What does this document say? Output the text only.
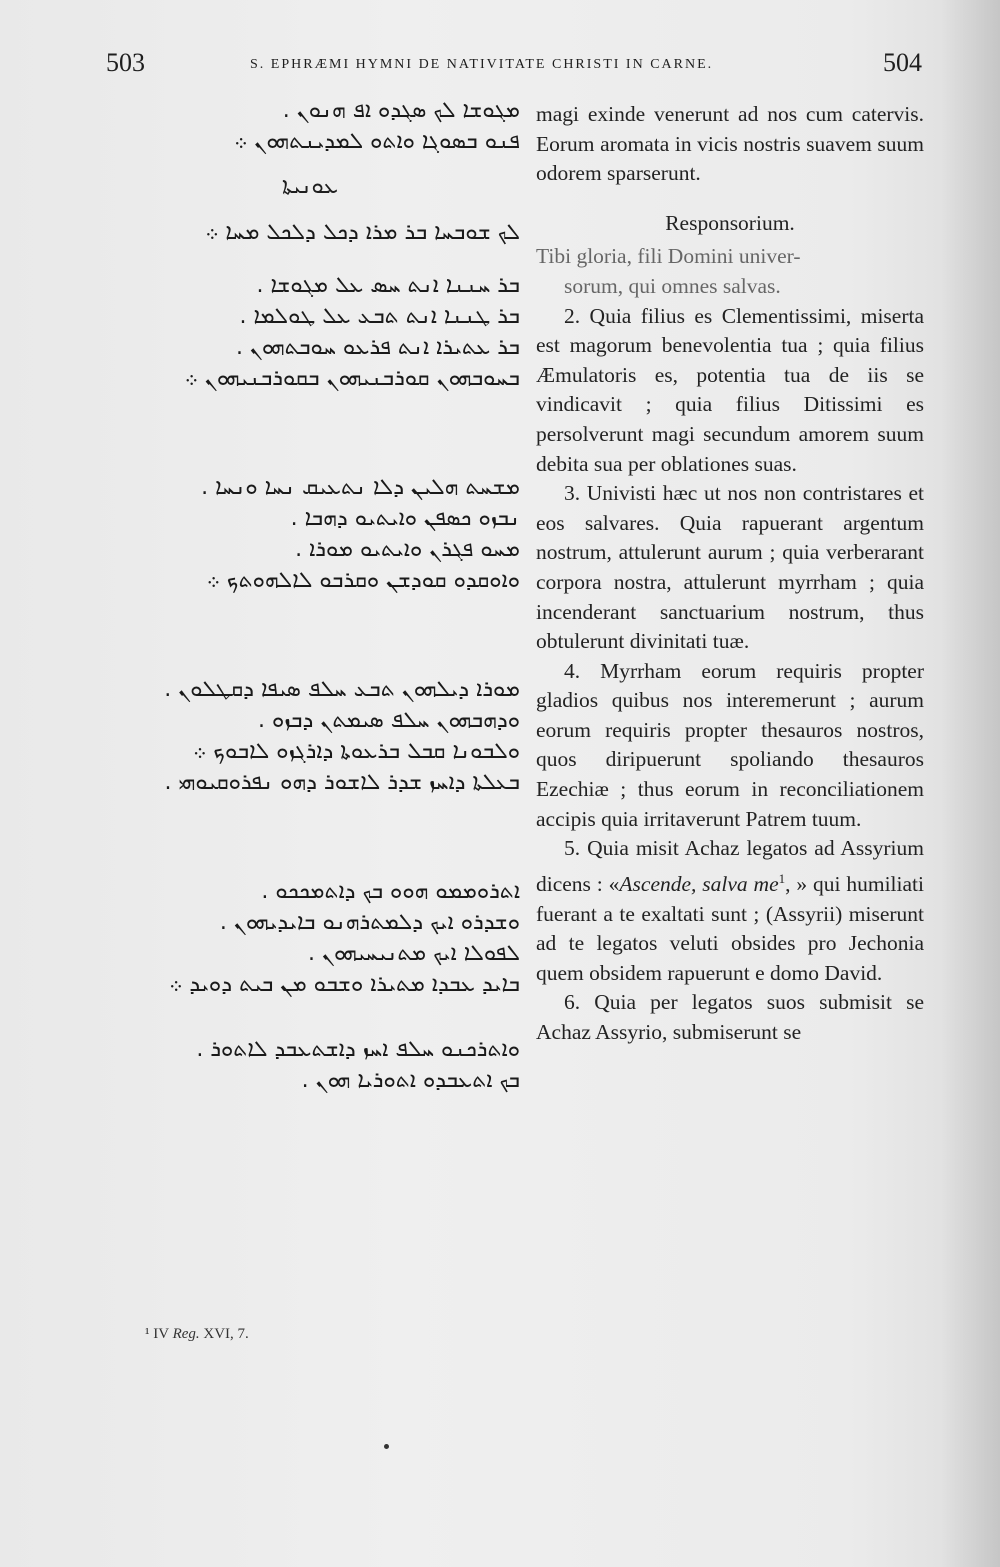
503	S. EPHRÆMI HYMNI DE NATIVITATE CHRISTI IN CARNE.	504
ܡܓܘܫܐ ܠܟ ܣܓܕܘ ܐܦ ܗܢܘܢ .
ܦܢܘ ܒܣܘܓܐ ܘܐܬܘ ܠܡܕܝܢܬܗܘܢ ܀
ܥܘܢܝܬܐ
ܠܟ ܫܘܒܚܐ ܒܪ ܡܪܐ ܕܟܠ ܕܠܟܠ ܡܚܐ ܀
ܒܪ ܚܢܢܐ ܐܢܬ ܚܣ ܥܠ ܡܓܘܫܐ .
ܒܪ ܛܢܢܐ ܐܢܬ ܬܒܥ ܥܠ ܛܘܠܡܐ .
ܒܪ ܥܬܝܪܐ ܐܢܬ ܦܪܥܘ ܚܘܒܬܗܘܢ .
ܒܚܘܒܗܘܢ ܩܘܪܒܢܝܗܘܢ ܒܩܘܪܒܢܝܗܘܢ ܀
ܡܫܚܬ ܗܠܝܢ ܕܠܐ ܢܬܥܝܩ ܢܚܐ ܘܢܚܐ .
ܢܒܙܘ ܟܣܦܢ ܘܐܝܬܝܘ ܕܗܒܐ .
ܡܚܘ ܦܓܪܢ ܘܐܝܬܝܘ ܡܘܪܐ .
ܘܐܘܩܕܘ ܩܘܕܫܢ ܘܩܪܒܘ ܠܐܠܗܘܬܟ ܀
ܡܘܪܐ ܕܝܠܗܘܢ ܬܒܥ ܚܠܦ ܣܝܦܐ ܕܩܛܠܘܢ .
ܘܕܗܒܗܘܢ ܚܠܦ ܣܝܡܬܢ ܕܒܙܘ .
ܘܠܒܘܢܐ ܩܒܠ ܒܪܥܘܬܐ ܕܐܪܓܙܘ ܠܐܒܘܟ ܀
ܒܥܠܬܐ ܕܐܚܙ ܫܕܪ ܠܐܫܘܪ ܕܗܘ ܢܦܪܘܩܝܘܗܝ .
ܐܬܪܘܡܡܘ ܗܘܘ ܒܟ ܕܐܬܡܟܟܘ .
ܘܫܕܪܘ ܐܝܟ ܕܠܡܬܪܗܢܘ ܒܐܝܕܝܗܘܢ .
ܠܦܘܠܐ ܐܝܟ ܡܬܢܝܚܝܗܘܢ .
ܒܐܝܕ ܥܒܕܐ ܡܬܝܪܐ ܘܫܒܘ ܡܢ ܒܝܬ ܕܘܝܕ ܀
ܘܐܬܪܟܢܘ ܚܠܦ ܐܚܙ ܕܐܫܬܥܒܕ ܠܐܬܘܪ .
ܒܟ ܐܬܥܒܕܘ ܐܬܘܪܝܐ ܗܘܢ .
¹ IV Reg. XVI, 7.

magi exinde venerunt ad nos cum catervis. Eorum aromata in vicis nostris suavem suum odorem sparserunt.

Responsorium.

Tibi gloria, fili Domini univer-
sorum, qui omnes salvas.

2. Quia filius es Clementissimi, miserta est magorum benevolentia tua ; quia filius Æmulatoris es, potentia tua de iis se vindicavit ; quia filius Ditissimi es persolverunt magi secundum amorem suum debita sua per oblationes suas.

3. Univisti hæc ut nos non contristares et eos salvares. Quia rapuerant argentum nostrum, attulerunt aurum ; quia verberarant corpora nostra, attulerunt myrrham ; quia incenderant sanctuarium nostrum, thus obtulerunt divinitati tuæ.

4. Myrrham eorum requiris propter gladios quibus nos interemerunt ; aurum eorum requiris propter thesauros nostros, quos diripuerunt spoliando thesauros Ezechiæ ; thus eorum in reconciliationem accipis quia irritaverunt Patrem tuum.

5. Quia misit Achaz legatos ad Assyrium dicens : «Ascende, salva $me^1$, » qui humiliati fuerant a te exaltati sunt ; (Assyrii) miserunt ad te legatos veluti obsides pro Jechonia quem obsidem rapuerunt e domo David.

6. Quia per legatos suos submisit se Achaz Assyrio, submiserunt se
